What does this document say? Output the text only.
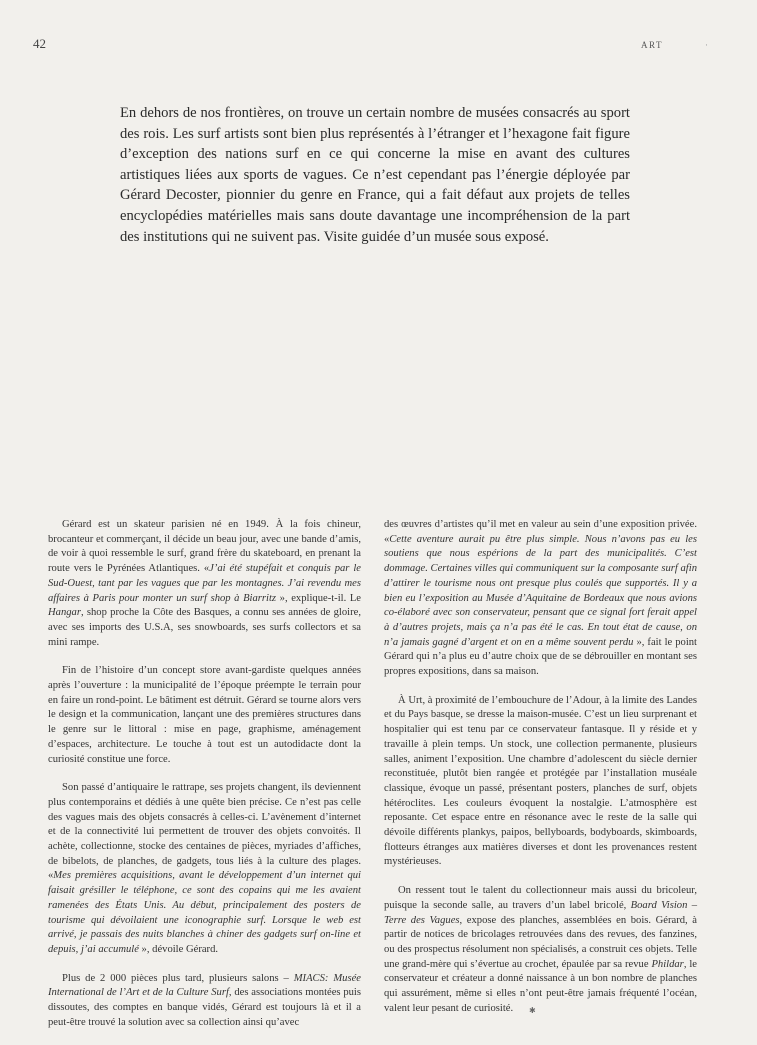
42	ART	·

En dehors de nos frontières, on trouve un certain nombre de musées consacrés au sport des rois. Les surf artists sont bien plus représentés à l’étranger et l’hexagone fait figure d’exception des nations surf en ce qui concerne la mise en avant des cultures artistiques liées aux sports de vagues. Ce n’est cependant pas l’énergie déployée par Gérard Decoster, pionnier du genre en France, qui a fait défaut aux projets de telles encyclopédies matérielles mais sans doute davantage une incompréhension de la part des institutions qui ne suivent pas. Visite guidée d’un musée sous exposé.

Gérard est un skateur parisien né en 1949. À la fois chineur, brocanteur et commerçant, il décide un beau jour, avec une bande d’amis, de voir à quoi ressemble le surf, grand frère du skateboard, en prenant la route vers le Pyrénées Atlantiques. «J’ai été stupéfait et conquis par le Sud-Ouest, tant par les vagues que par les montagnes. J’ai revendu mes affaires à Paris pour monter un surf shop à Biarritz », explique-t-il. Le Hangar, shop proche la Côte des Basques, a connu ses années de gloire, avec ses imports des U.S.A, ses snowboards, ses surfs collectors et sa mini rampe.

Fin de l’histoire d’un concept store avant-gardiste quelques années après l’ouverture : la municipalité de l’époque préempte le terrain pour en faire un rond-point. Le bâtiment est détruit. Gérard se tourne alors vers le design et la communication, lançant une des premières structures dans le genre sur le littoral : mise en page, graphisme, aménagement d’espaces, architecture. Le touche à tout est un autodidacte dont la curiosité constitue une force.

Son passé d’antiquaire le rattrape, ses projets changent, ils deviennent plus contemporains et dédiés à une quête bien précise. Ce n’est pas celle des vagues mais des objets consacrés à celles-ci. L’avènement d’internet et de la connectivité lui permettent de trouver des objets convoités. Il achète, collectionne, stocke des centaines de pièces, myriades d’affiches, de bibelots, de planches, de gadgets, tous liés à la culture des plages. «Mes premières acquisitions, avant le développement d’un internet qui faisait grésiller le téléphone, ce sont des copains qui me les avaient ramenées des États Unis. Au début, principalement des posters de tourisme qui dévoilaient une iconographie surf. Lorsque le web est arrivé, je passais des nuits blanches à chiner des gadgets surf on-line et depuis, j’ai accumulé », dévoile Gérard.

Plus de 2 000 pièces plus tard, plusieurs salons – MIACS: Musée International de l’Art et de la Culture Surf, des associations montées puis dissoutes, des comptes en banque vidés, Gérard est toujours là et il a peut-être trouvé la solution avec sa collection ainsi qu’avec

des œuvres d’artistes qu’il met en valeur au sein d’une exposition privée. «Cette aventure aurait pu être plus simple. Nous n’avons pas eu les soutiens que nous espérions de la part des municipalités. C’est dommage. Certaines villes qui communiquent sur la composante surf afin d’attirer le tourisme nous ont presque plus coulés que supportés. Il y a bien eu l’exposition au Musée d’Aquitaine de Bordeaux que nous avions co-élaboré avec son conservateur, pensant que ce signal fort ferait appel à d’autres projets, mais ça n’a pas été le cas. En tout état de cause, on n’a jamais gagné d’argent et on en a même souvent perdu », fait le point Gérard qui n’a plus eu d’autre choix que de se débrouiller en montant ses propres expositions, dans sa maison.

À Urt, à proximité de l’embouchure de l’Adour, à la limite des Landes et du Pays basque, se dresse la maison-musée. C’est un lieu surprenant et hospitalier qui est tenu par ce conservateur fantasque. Il y réside et y travaille à plein temps. Un stock, une collection permanente, plusieurs salles, animent l’exposition. Une chambre d’adolescent du siècle dernier reconstituée, plutôt bien rangée et protégée par l’installation muséale classique, évoque un passé, présentant posters, planches de surf, objets hétéroclites. Les couleurs évoquent la nostalgie. L’atmosphère est reposante. Cet espace entre en résonance avec le reste de la salle qui dévoile différents plankys, paipos, bellyboards, bodyboards, skimboards, flotteurs étranges aux matières diverses et dont les provenances restent mystérieuses.

On ressent tout le talent du collectionneur mais aussi du bricoleur, puisque la seconde salle, au travers d’un label bricolé, Board Vision – Terre des Vagues, expose des planches, assemblées en bois. Gérard, à partir de notices de bricolages retrouvées dans des revues, des fanzines, ou des prospectus résolument non spécialisés, a construit ces objets. Telle une grand-mère qui s’évertue au crochet, épaulée par sa revue Phildar, le conservateur et créateur a donné naissance à un bon nombre de planches qui assurément, même si elles n’ont peut-être jamais fréquenté l’océan, valent leur pesant de curiosité.	✱
